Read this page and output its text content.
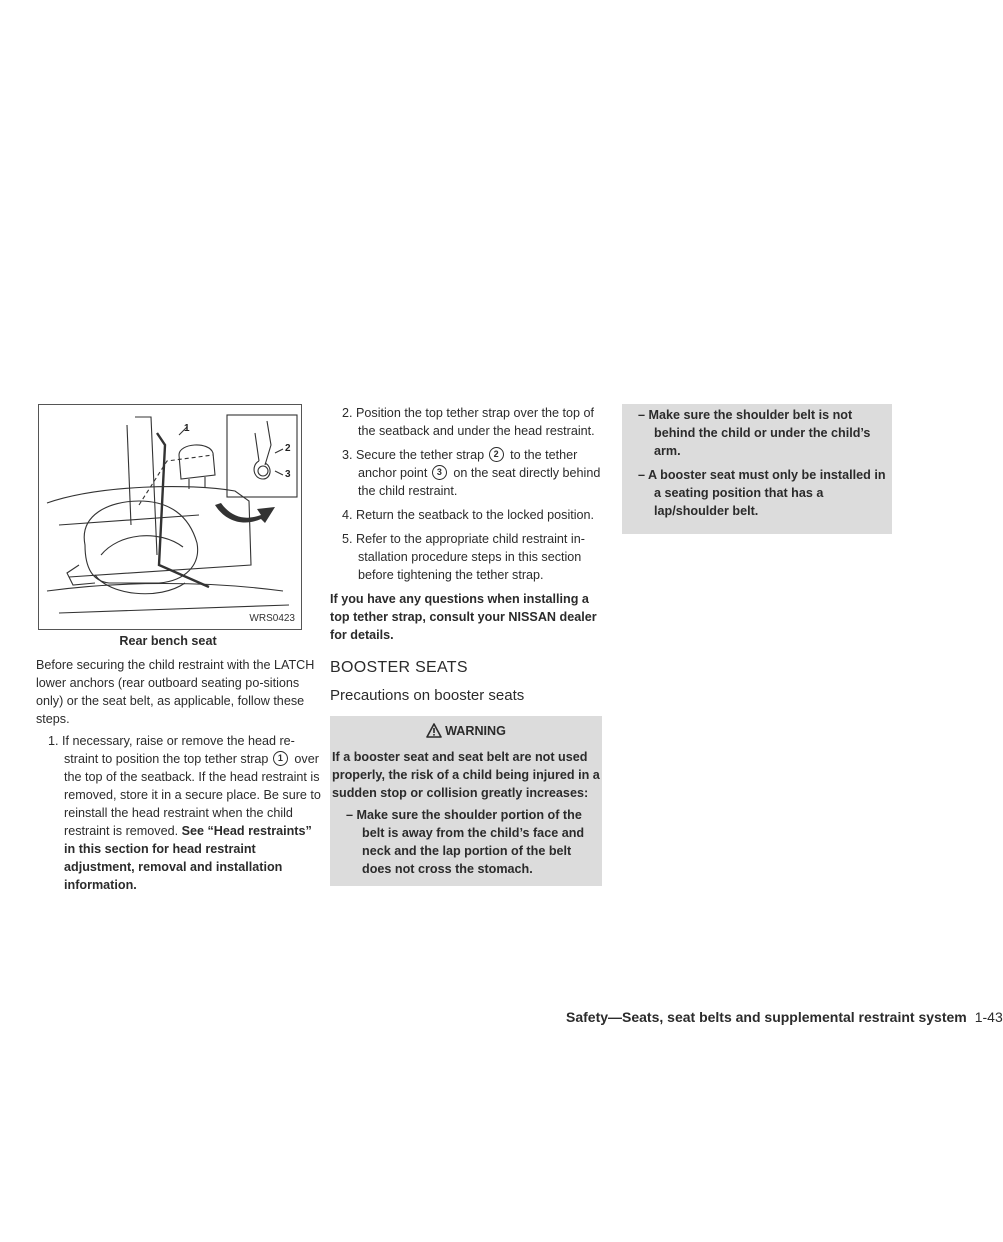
1
2
3
WRS0423

Rear bench seat

Before securing the child restraint with the LATCH lower anchors (rear outboard seating po-sitions only) or the seat belt, as applicable, follow these steps.

1. If necessary, raise or remove the head re-straint to position the top tether strap 1 over the top of the seatback. If the head restraint is removed, store it in a secure place. Be sure to reinstall the head restraint when the child restraint is removed. See “Head restraints” in this section for head restraint adjustment, removal and installation information.

2. Position the top tether strap over the top of the seatback and under the head restraint.

3. Secure the tether strap 2 to the tether anchor point 3 on the seat directly behind the child restraint.

4. Return the seatback to the locked position.

5. Refer to the appropriate child restraint in-stallation procedure steps in this section before tightening the tether strap.

If you have any questions when installing a top tether strap, consult your NISSAN dealer for details.

BOOSTER SEATS
Precautions on booster seats
WARNING

If a booster seat and seat belt are not used properly, the risk of a child being injured in a sudden stop or collision greatly increases:

– Make sure the shoulder portion of the belt is away from the child’s face and neck and the lap portion of the belt does not cross the stomach.

– Make sure the shoulder belt is not behind the child or under the child’s arm.

– A booster seat must only be installed in a seating position that has a lap/shoulder belt.

Safety—Seats, seat belts and supplemental restraint system 1-43
